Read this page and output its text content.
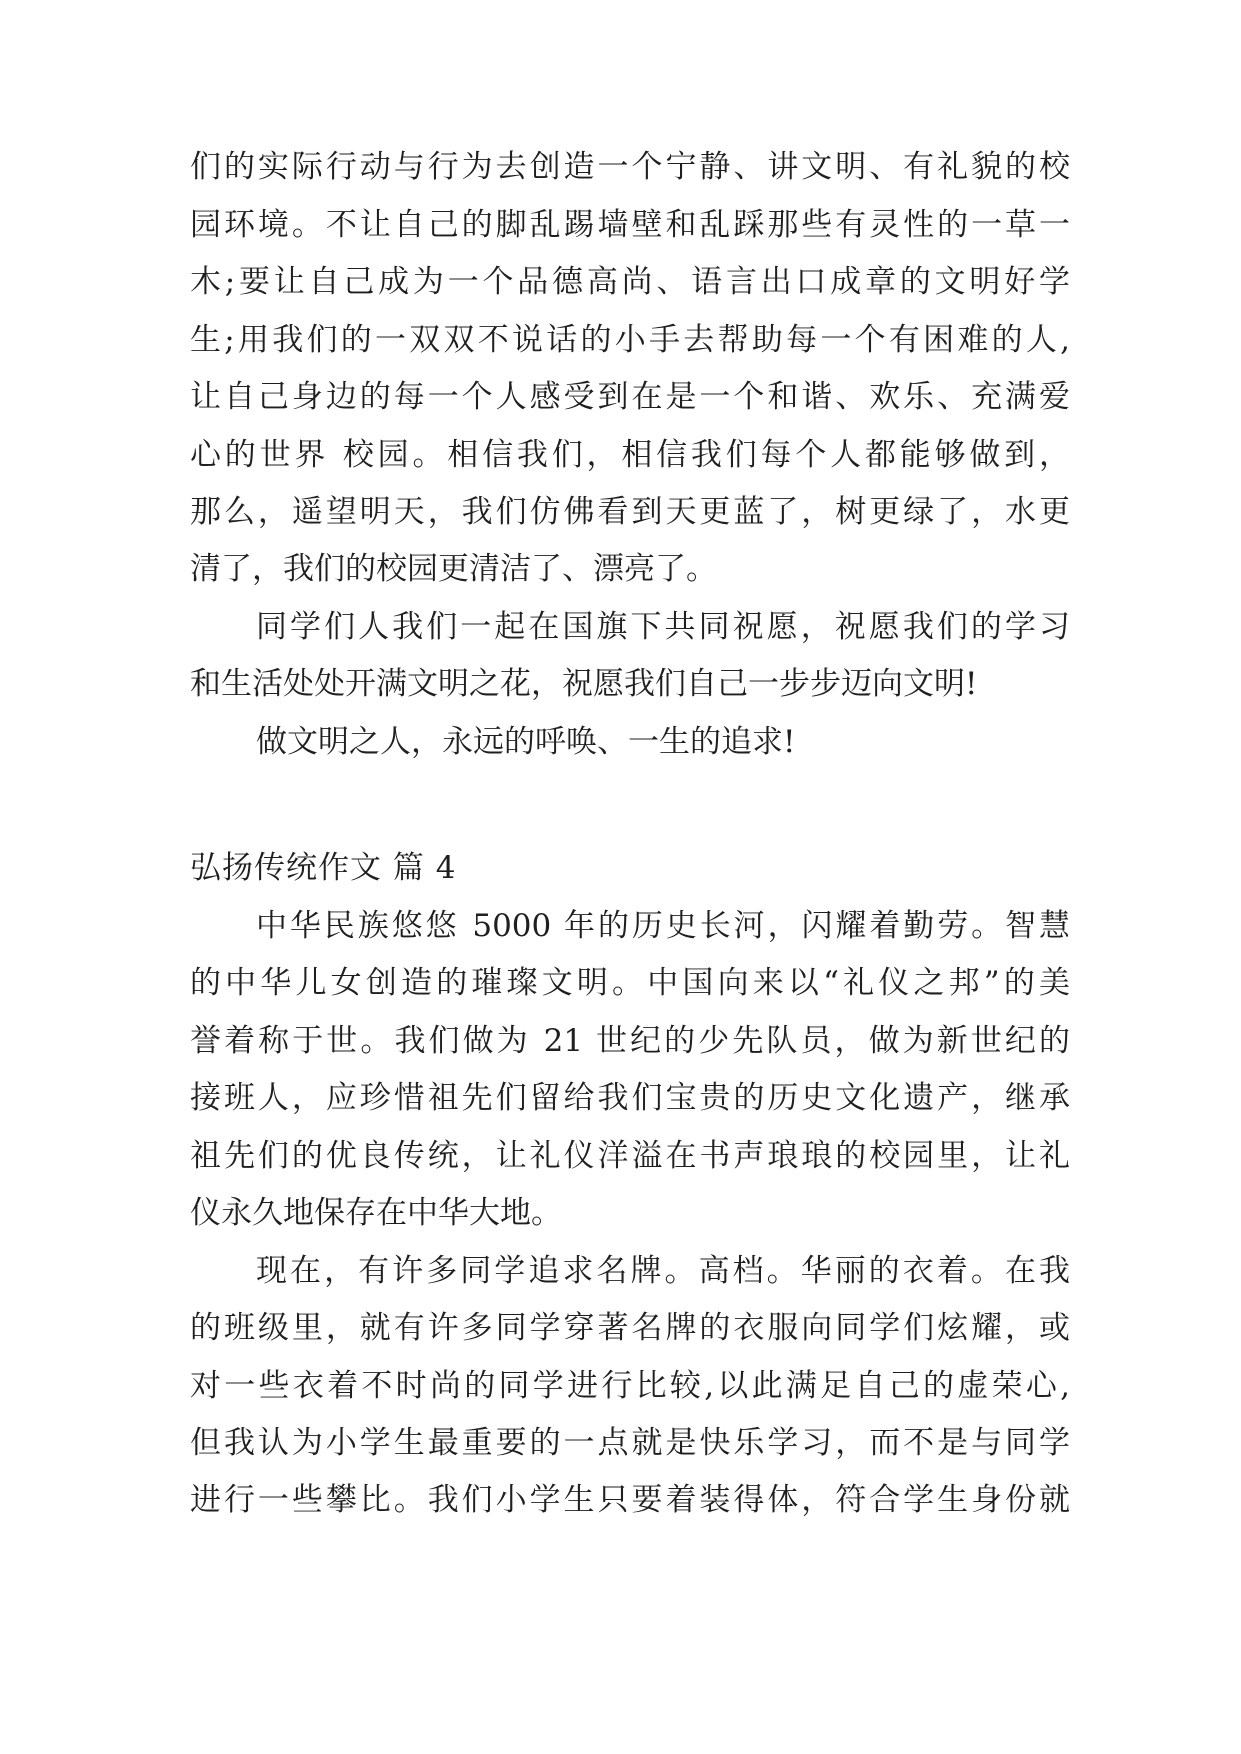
们的实际行动与行为去创造一个宁静、讲文明、有礼貌的校
园环境。不让自己的脚乱踢墙壁和乱踩那些有灵性的一草一
木;要让自己成为一个品德高尚、语言出口成章的文明好学
生;用我们的一双双不说话的小手去帮助每一个有困难的人,
让自己身边的每一个人感受到在是一个和谐、欢乐、充满爱
心的世界 校园。相信我们，相信我们每个人都能够做到，
那么，遥望明天，我们仿佛看到天更蓝了，树更绿了，水更
清了，我们的校园更清洁了、漂亮了。
同学们人我们一起在国旗下共同祝愿，祝愿我们的学习
和生活处处开满文明之花，祝愿我们自己一步步迈向文明!
做文明之人，永远的呼唤、一生的追求!
弘扬传统作文 篇 4
中华民族悠悠 5000 年的历史长河，闪耀着勤劳。智慧
的中华儿女创造的璀璨文明。中国向来以“礼仪之邦”的美
誉着称于世。我们做为 21 世纪的少先队员，做为新世纪的
接班人，应珍惜祖先们留给我们宝贵的历史文化遗产，继承
祖先们的优良传统，让礼仪洋溢在书声琅琅的校园里，让礼
仪永久地保存在中华大地。
现在，有许多同学追求名牌。高档。华丽的衣着。在我
的班级里，就有许多同学穿著名牌的衣服向同学们炫耀，或
对一些衣着不时尚的同学进行比较,以此满足自己的虚荣心,
但我认为小学生最重要的一点就是快乐学习，而不是与同学
进行一些攀比。我们小学生只要着装得体，符合学生身份就
